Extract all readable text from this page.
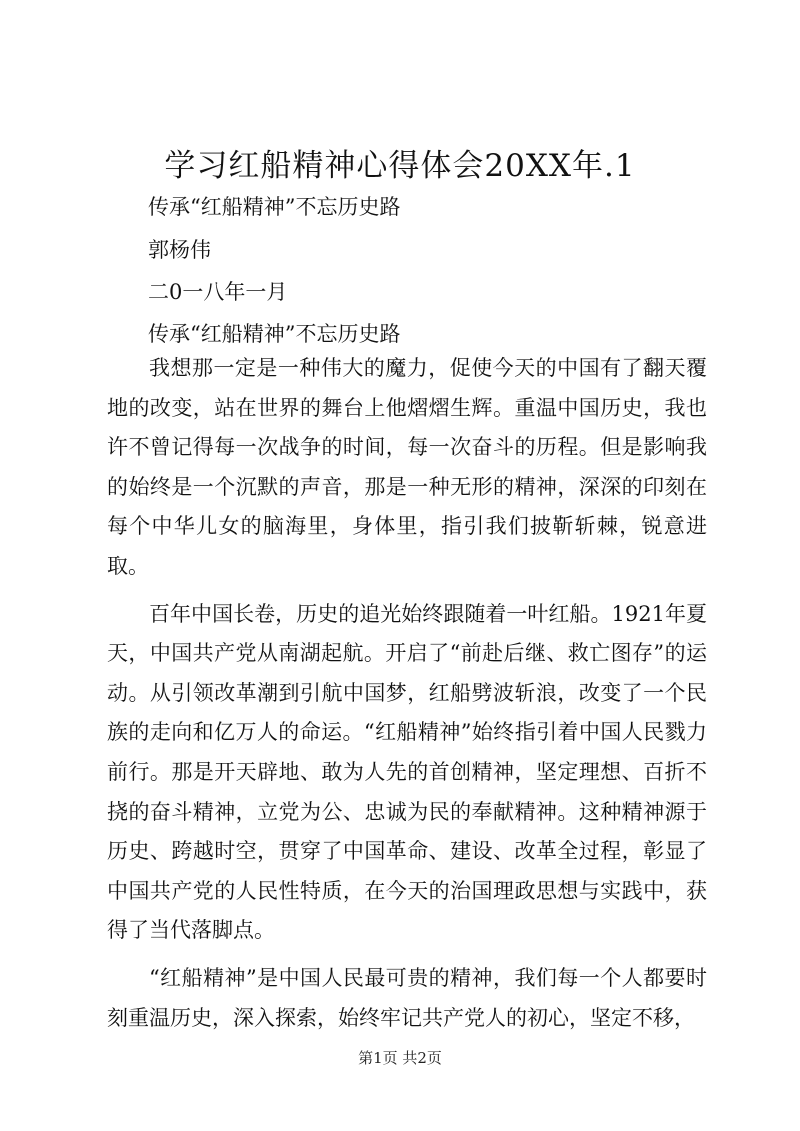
学习红船精神心得体会20XX年.1

传承“红船精神”不忘历史路

郭杨伟

二0一八年一月

传承“红船精神”不忘历史路

我想那一定是一种伟大的魔力，促使今天的中国有了翻天覆地的改变，站在世界的舞台上他熠熠生辉。重温中国历史，我也许不曾记得每一次战争的时间，每一次奋斗的历程。但是影响我的始终是一个沉默的声音，那是一种无形的精神，深深的印刻在每个中华儿女的脑海里，身体里，指引我们披靳斩棘，锐意进取。

百年中国长卷，历史的追光始终跟随着一叶红船。1921年夏天，中国共产党从南湖起航。开启了“前赴后继、救亡图存”的运动。从引领改革潮到引航中国梦，红船劈波斩浪，改变了一个民族的走向和亿万人的命运。“红船精神”始终指引着中国人民戮力前行。那是开天辟地、敢为人先的首创精神，坚定理想、百折不挠的奋斗精神，立党为公、忠诚为民的奉献精神。这种精神源于历史、跨越时空，贯穿了中国革命、建设、改革全过程，彰显了中国共产党的人民性特质，在今天的治国理政思想与实践中，获得了当代落脚点。

“红船精神”是中国人民最可贵的精神，我们每一个人都要时刻重温历史，深入探索，始终牢记共产党人的初心，坚定不移，

第1页 共2页
